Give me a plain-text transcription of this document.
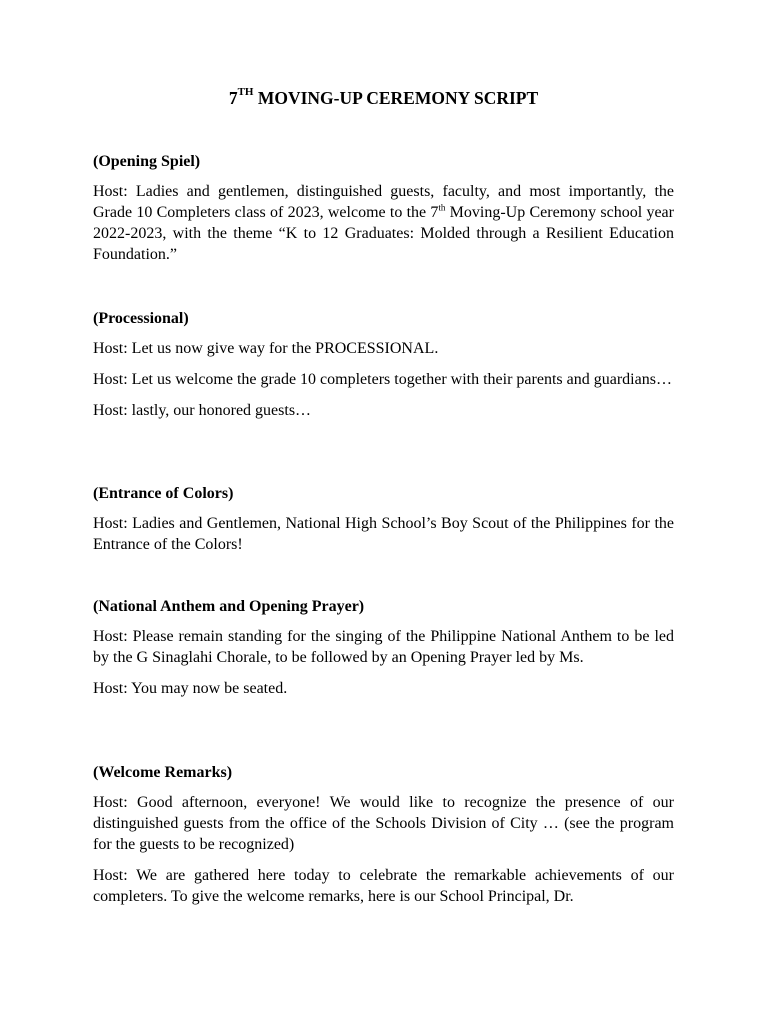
7TH MOVING-UP CEREMONY SCRIPT

(Opening Spiel)

Host: Ladies and gentlemen, distinguished guests, faculty, and most importantly, the Grade 10 Completers class of 2023, welcome to the 7th Moving-Up Ceremony school year 2022-2023, with the theme “K to 12 Graduates: Molded through a Resilient Education Foundation.”

(Processional)

Host: Let us now give way for the PROCESSIONAL.

Host: Let us welcome the grade 10 completers together with their parents and guardians…

Host: lastly, our honored guests…

(Entrance of Colors)

Host: Ladies and Gentlemen, National High School’s Boy Scout of the Philippines for the Entrance of the Colors!

(National Anthem and Opening Prayer)

Host: Please remain standing for the singing of the Philippine National Anthem to be led by the G Sinaglahi Chorale, to be followed by an Opening Prayer led by Ms.

Host: You may now be seated.

(Welcome Remarks)

Host: Good afternoon, everyone! We would like to recognize the presence of our distinguished guests from the office of the Schools Division of City … (see the program for the guests to be recognized)

Host: We are gathered here today to celebrate the remarkable achievements of our completers. To give the welcome remarks, here is our School Principal, Dr.
